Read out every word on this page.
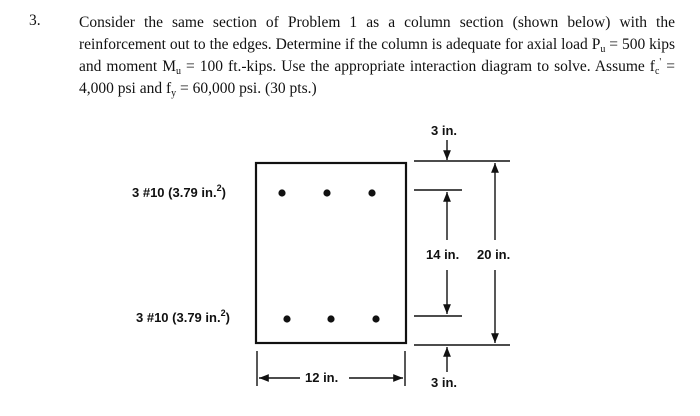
3. Consider the same section of Problem 1 as a column section (shown below) with the reinforcement out to the edges. Determine if the column is adequate for axial load $P_u = 500$ kips and moment $M_u = 100$ ft.-kips. Use the appropriate interaction diagram to solve. Assume $f_c' = 4,000$ psi and $f_y = 60,000$ psi. (30 pts.)
3 #10 (3.79 in.$^2$)
3 #10 (3.79 in.$^2$)
3 in.
14 in. 20 in.
3 in.
12 in.
